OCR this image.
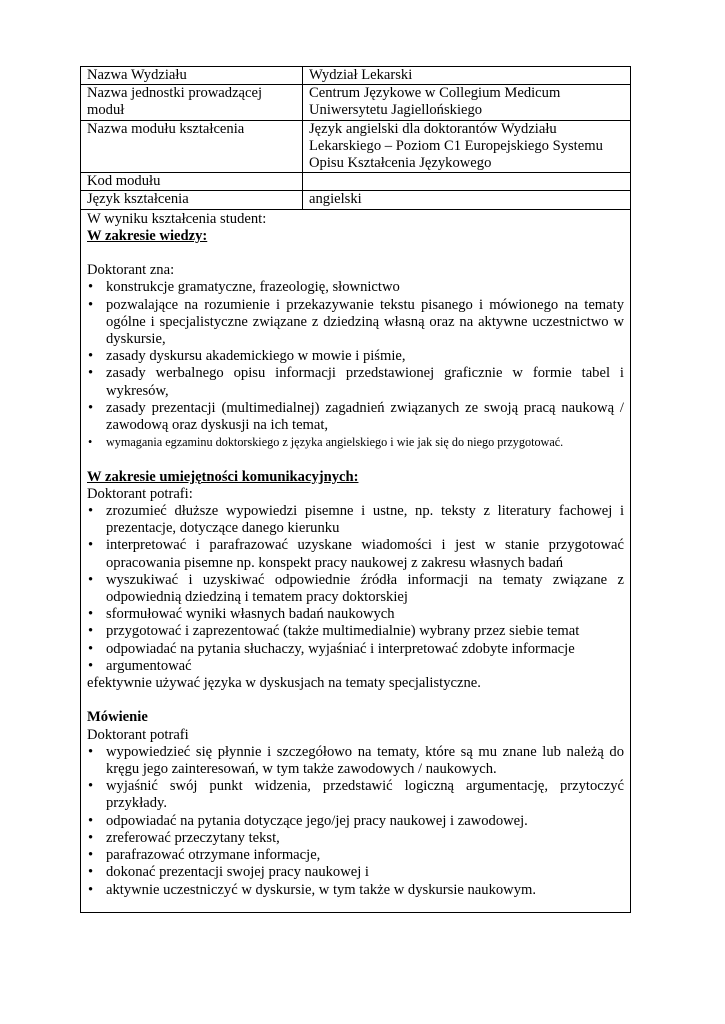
Nazwa Wydziału	Wydział Lekarski
Nazwa jednostki prowadzącej moduł	Centrum Językowe w Collegium Medicum Uniwersytetu Jagiellońskiego
Nazwa modułu kształcenia	Język angielski dla doktorantów Wydziału Lekarskiego – Poziom C1 Europejskiego Systemu Opisu Kształcenia Językowego
Kod modułu	
Język kształcenia	angielski

W wyniku kształcenia student:

W zakresie wiedzy:

Doktorant zna:

• konstrukcje gramatyczne, frazeologię, słownictwo
• pozwalające na rozumienie i przekazywanie tekstu pisanego i mówionego na tematy ogólne i specjalistyczne związane z dziedziną własną oraz na aktywne uczestnictwo w dyskursie,
• zasady dyskursu akademickiego w mowie i piśmie,
• zasady werbalnego opisu informacji przedstawionej graficznie w formie tabel i wykresów,
• zasady prezentacji (multimedialnej) zagadnień związanych ze swoją pracą naukową / zawodową oraz dyskusji na ich temat,
• wymagania egzaminu doktorskiego z języka angielskiego i wie jak się do niego przygotować.

W zakresie umiejętności komunikacyjnych:

Doktorant potrafi:

• zrozumieć dłuższe wypowiedzi pisemne i ustne, np. teksty z literatury fachowej i prezentacje, dotyczące danego kierunku
• interpretować i parafrazować uzyskane wiadomości i jest w stanie przygotować opracowania pisemne np. konspekt pracy naukowej z zakresu własnych badań
• wyszukiwać i uzyskiwać odpowiednie źródła informacji na tematy związane z odpowiednią dziedziną i tematem pracy doktorskiej
• sformułować wyniki własnych badań naukowych
• przygotować i zaprezentować (także multimedialnie) wybrany przez siebie temat
• odpowiadać na pytania słuchaczy, wyjaśniać i interpretować zdobyte informacje
• argumentować

efektywnie używać języka w dyskusjach na tematy specjalistyczne.

Mówienie

Doktorant potrafi

• wypowiedzieć się płynnie i szczegółowo na tematy, które są mu znane lub należą do kręgu jego zainteresowań, w tym także zawodowych / naukowych.
• wyjaśnić swój punkt widzenia, przedstawić logiczną argumentację, przytoczyć przykłady.
• odpowiadać na pytania dotyczące jego/jej pracy naukowej i zawodowej.
• zreferować przeczytany tekst,
• parafrazować otrzymane informacje,
• dokonać prezentacji swojej pracy naukowej i
• aktywnie uczestniczyć w dyskursie, w tym także w dyskursie naukowym.
